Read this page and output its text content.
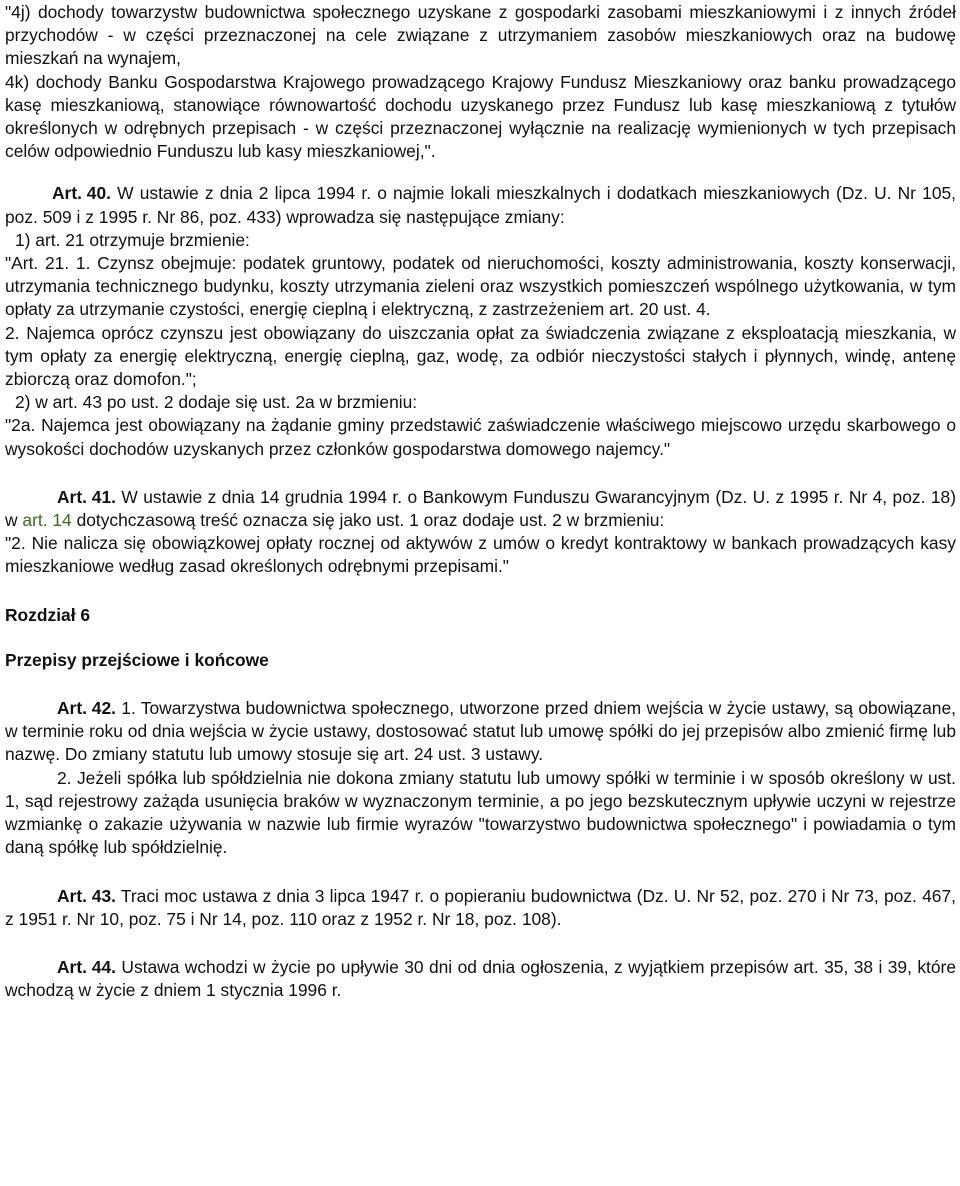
"4j) dochody towarzystw budownictwa społecznego uzyskane z gospodarki zasobami mieszkaniowymi i z innych źródeł przychodów - w części przeznaczonej na cele związane z utrzymaniem zasobów mieszkaniowych oraz na budowę mieszkań na wynajem,

4k) dochody Banku Gospodarstwa Krajowego prowadzącego Krajowy Fundusz Mieszkaniowy oraz banku prowadzącego kasę mieszkaniową, stanowiące równowartość dochodu uzyskanego przez Fundusz lub kasę mieszkaniową z tytułów określonych w odrębnych przepisach - w części przeznaczonej wyłącznie na realizację wymienionych w tych przepisach celów odpowiednio Funduszu lub kasy mieszkaniowej,".

Art. 40. W ustawie z dnia 2 lipca 1994 r. o najmie lokali mieszkalnych i dodatkach mieszkaniowych (Dz. U. Nr 105, poz. 509 i z 1995 r. Nr 86, poz. 433) wprowadza się następujące zmiany:

1) art. 21 otrzymuje brzmienie:

"Art. 21. 1. Czynsz obejmuje: podatek gruntowy, podatek od nieruchomości, koszty administrowania, koszty konserwacji, utrzymania technicznego budynku, koszty utrzymania zieleni oraz wszystkich pomieszczeń wspólnego użytkowania, w tym opłaty za utrzymanie czystości, energię cieplną i elektryczną, z zastrzeżeniem art. 20 ust. 4.

2. Najemca oprócz czynszu jest obowiązany do uiszczania opłat za świadczenia związane z eksploatacją mieszkania, w tym opłaty za energię elektryczną, energię cieplną, gaz, wodę, za odbiór nieczystości stałych i płynnych, windę, antenę zbiorczą oraz domofon.";

2) w art. 43 po ust. 2 dodaje się ust. 2a w brzmieniu:

"2a. Najemca jest obowiązany na żądanie gminy przedstawić zaświadczenie właściwego miejscowo urzędu skarbowego o wysokości dochodów uzyskanych przez członków gospodarstwa domowego najemcy."

Art. 41. W ustawie z dnia 14 grudnia 1994 r. o Bankowym Funduszu Gwarancyjnym (Dz. U. z 1995 r. Nr 4, poz. 18) w art. 14 dotychczasową treść oznacza się jako ust. 1 oraz dodaje ust. 2 w brzmieniu:

"2. Nie nalicza się obowiązkowej opłaty rocznej od aktywów z umów o kredyt kontraktowy w bankach prowadzących kasy mieszkaniowe według zasad określonych odrębnymi przepisami."

Rozdział 6

Przepisy przejściowe i końcowe

Art. 42. 1. Towarzystwa budownictwa społecznego, utworzone przed dniem wejścia w życie ustawy, są obowiązane, w terminie roku od dnia wejścia w życie ustawy, dostosować statut lub umowę spółki do jej przepisów albo zmienić firmę lub nazwę. Do zmiany statutu lub umowy stosuje się art. 24 ust. 3 ustawy.

2. Jeżeli spółka lub spółdzielnia nie dokona zmiany statutu lub umowy spółki w terminie i w sposób określony w ust. 1, sąd rejestrowy zażąda usunięcia braków w wyznaczonym terminie, a po jego bezskutecznym upływie uczyni w rejestrze wzmiankę o zakazie używania w nazwie lub firmie wyrazów "towarzystwo budownictwa społecznego" i powiadamia o tym daną spółkę lub spółdzielnię.

Art. 43. Traci moc ustawa z dnia 3 lipca 1947 r. o popieraniu budownictwa (Dz. U. Nr 52, poz. 270 i Nr 73, poz. 467, z 1951 r. Nr 10, poz. 75 i Nr 14, poz. 110 oraz z 1952 r. Nr 18, poz. 108).

Art. 44. Ustawa wchodzi w życie po upływie 30 dni od dnia ogłoszenia, z wyjątkiem przepisów art. 35, 38 i 39, które wchodzą w życie z dniem 1 stycznia 1996 r.
